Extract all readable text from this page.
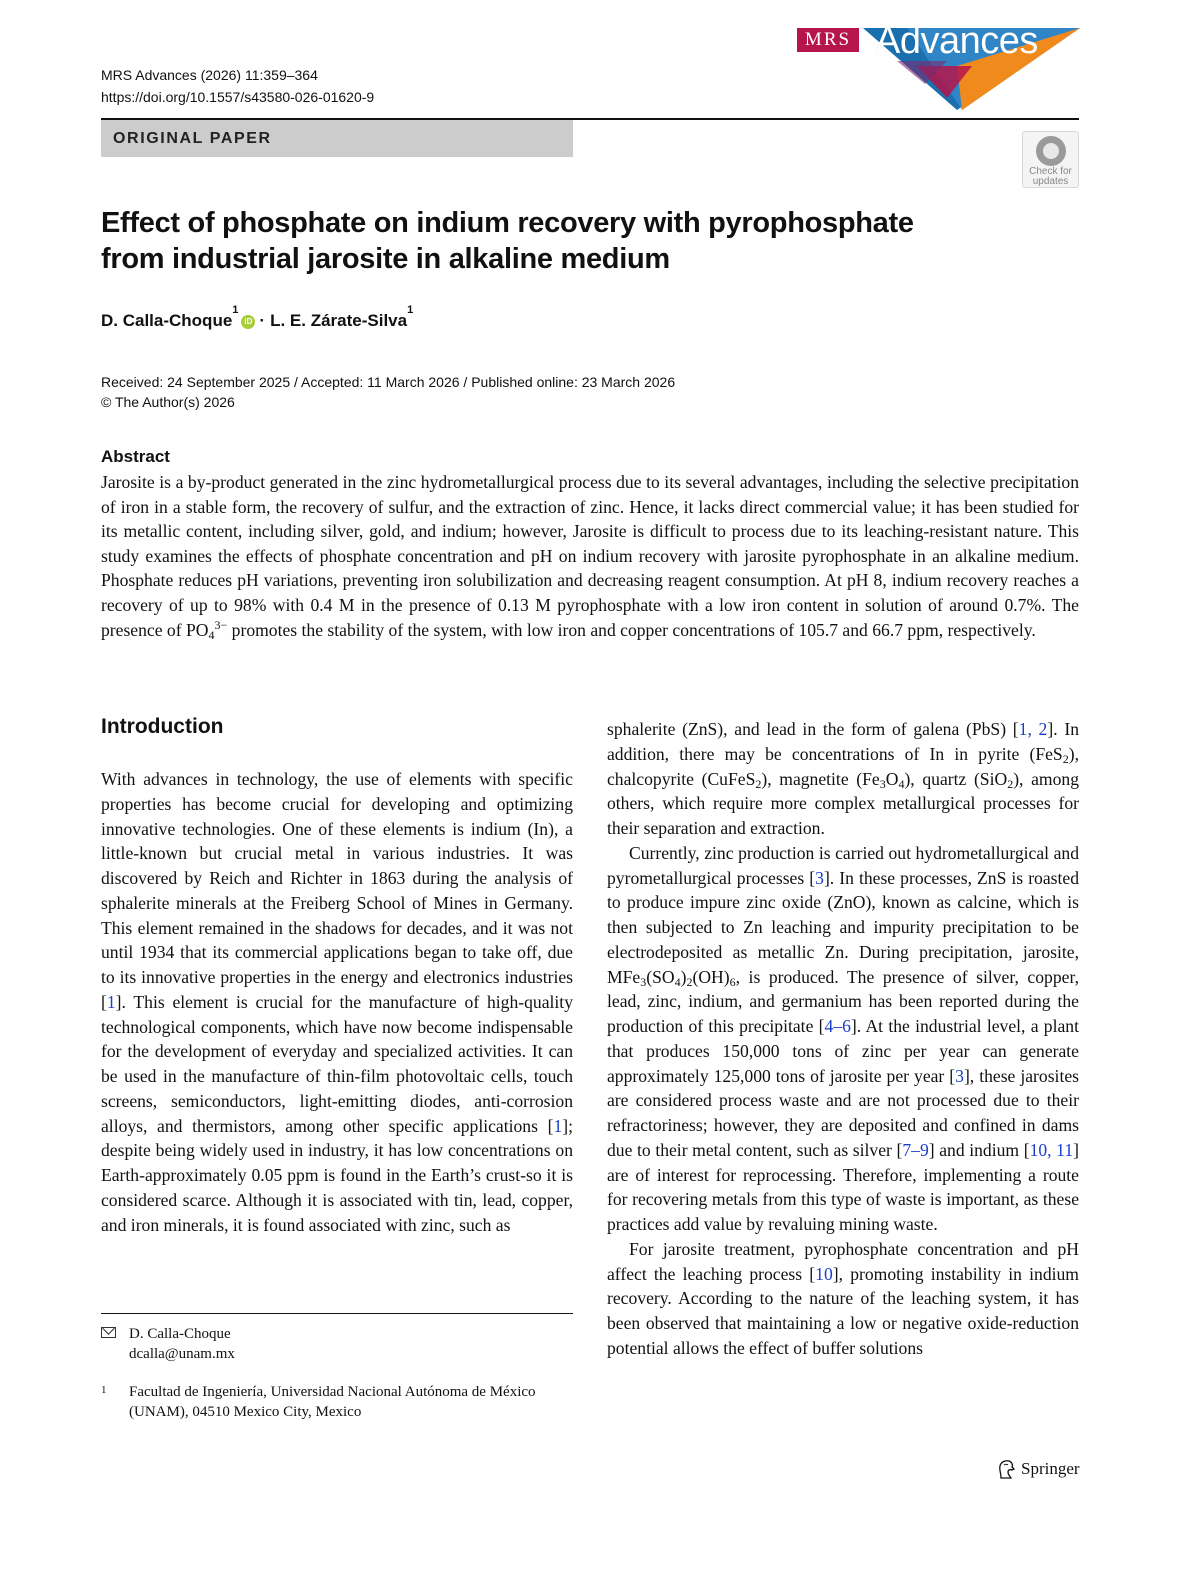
MRS Advances (2026) 11:359–364
https://doi.org/10.1557/s43580-026-01620-9
MRS Advances
ORIGINAL PAPER
Check for updates
Effect of phosphate on indium recovery with pyrophosphate from industrial jarosite in alkaline medium
D. Calla-Choque
$^1$
iD · L. E. Zárate-Silva
$^1$
Received: 24 September 2025 / Accepted: 11 March 2026 / Published online: 23 March 2026
© The Author(s) 2026
Abstract

Jarosite is a by-product generated in the zinc hydrometallurgical process due to its several advantages, including the selective precipitation of iron in a stable form, the recovery of sulfur, and the extraction of zinc. Hence, it lacks direct commercial value; it has been studied for its metallic content, including silver, gold, and indium; however, Jarosite is difficult to process due to its leaching-resistant nature. This study examines the effects of phosphate concentration and pH on indium recovery with jarosite pyrophosphate in an alkaline medium. Phosphate reduces pH variations, preventing iron solubilization and decreasing reagent consumption. At pH 8, indium recovery reaches a recovery of up to 98% with 0.4 M in the presence of 0.13 M pyrophosphate with a low iron content in solution of around 0.7%. The presence of $PO_4^{3-}$ promotes the stability of the system, with low iron and copper concentrations of 105.7 and 66.7 ppm, respectively.

Introduction

With advances in technology, the use of elements with specific properties has become crucial for developing and optimizing innovative technologies. One of these elements is indium (In), a little-known but crucial metal in various industries. It was discovered by Reich and Richter in 1863 during the analysis of sphalerite minerals at the Freiberg School of Mines in Germany. This element remained in the shadows for decades, and it was not until 1934 that its commercial applications began to take off, due to its innovative properties in the energy and electronics industries [1]. This element is crucial for the manufacture of high-quality technological components, which have now become indispensable for the development of everyday and specialized activities. It can be used in the manufacture of thin-film photovoltaic cells, touch screens, semiconductors, light-emitting diodes, anti-corrosion alloys, and thermistors, among other specific applications [1]; despite being widely used in industry, it has low concentrations on Earth-approximately 0.05 ppm is found in the Earth’s crust-so it is considered scarce. Although it is associated with tin, lead, copper, and iron minerals, it is found associated with zinc, such as

sphalerite (ZnS), and lead in the form of galena (PbS) [1, 2]. In addition, there may be concentrations of In in pyrite (FeS$_2$), chalcopyrite (CuFeS$_2$), magnetite $(Fe_3O_4)$, quartz (SiO$_2$), among others, which require more complex metallurgical processes for their separation and extraction.

Currently, zinc production is carried out hydrometallurgical and pyrometallurgical processes [3]. In these processes, ZnS is roasted to produce impure zinc oxide (ZnO), known as calcine, which is then subjected to Zn leaching and impurity precipitation to be electrodeposited as metallic Zn. During precipitation, jarosite, $MFe_3(SO_4)_2(OH)_6$, is produced. The presence of silver, copper, lead, zinc, indium, and germanium has been reported during the production of this precipitate [4–6]. At the industrial level, a plant that produces 150,000 tons of zinc per year can generate approximately 125,000 tons of jarosite per year [3], these jarosites are considered process waste and are not processed due to their refractoriness; however, they are deposited and confined in dams due to their metal content, such as silver [7–9] and indium [10, 11] are of interest for reprocessing. Therefore, implementing a route for recovering metals from this type of waste is important, as these practices add value by revaluing mining waste.

For jarosite treatment, pyrophosphate concentration and pH affect the leaching process [10], promoting instability in indium recovery. According to the nature of the leaching system, it has been observed that maintaining a low or negative oxide-reduction potential allows the effect of buffer solutions

D. Calla-Choque
dcalla@unam.mx
1	Facultad de Ingeniería, Universidad Nacional Autónoma de México (UNAM), 04510 Mexico City, Mexico
Springer
